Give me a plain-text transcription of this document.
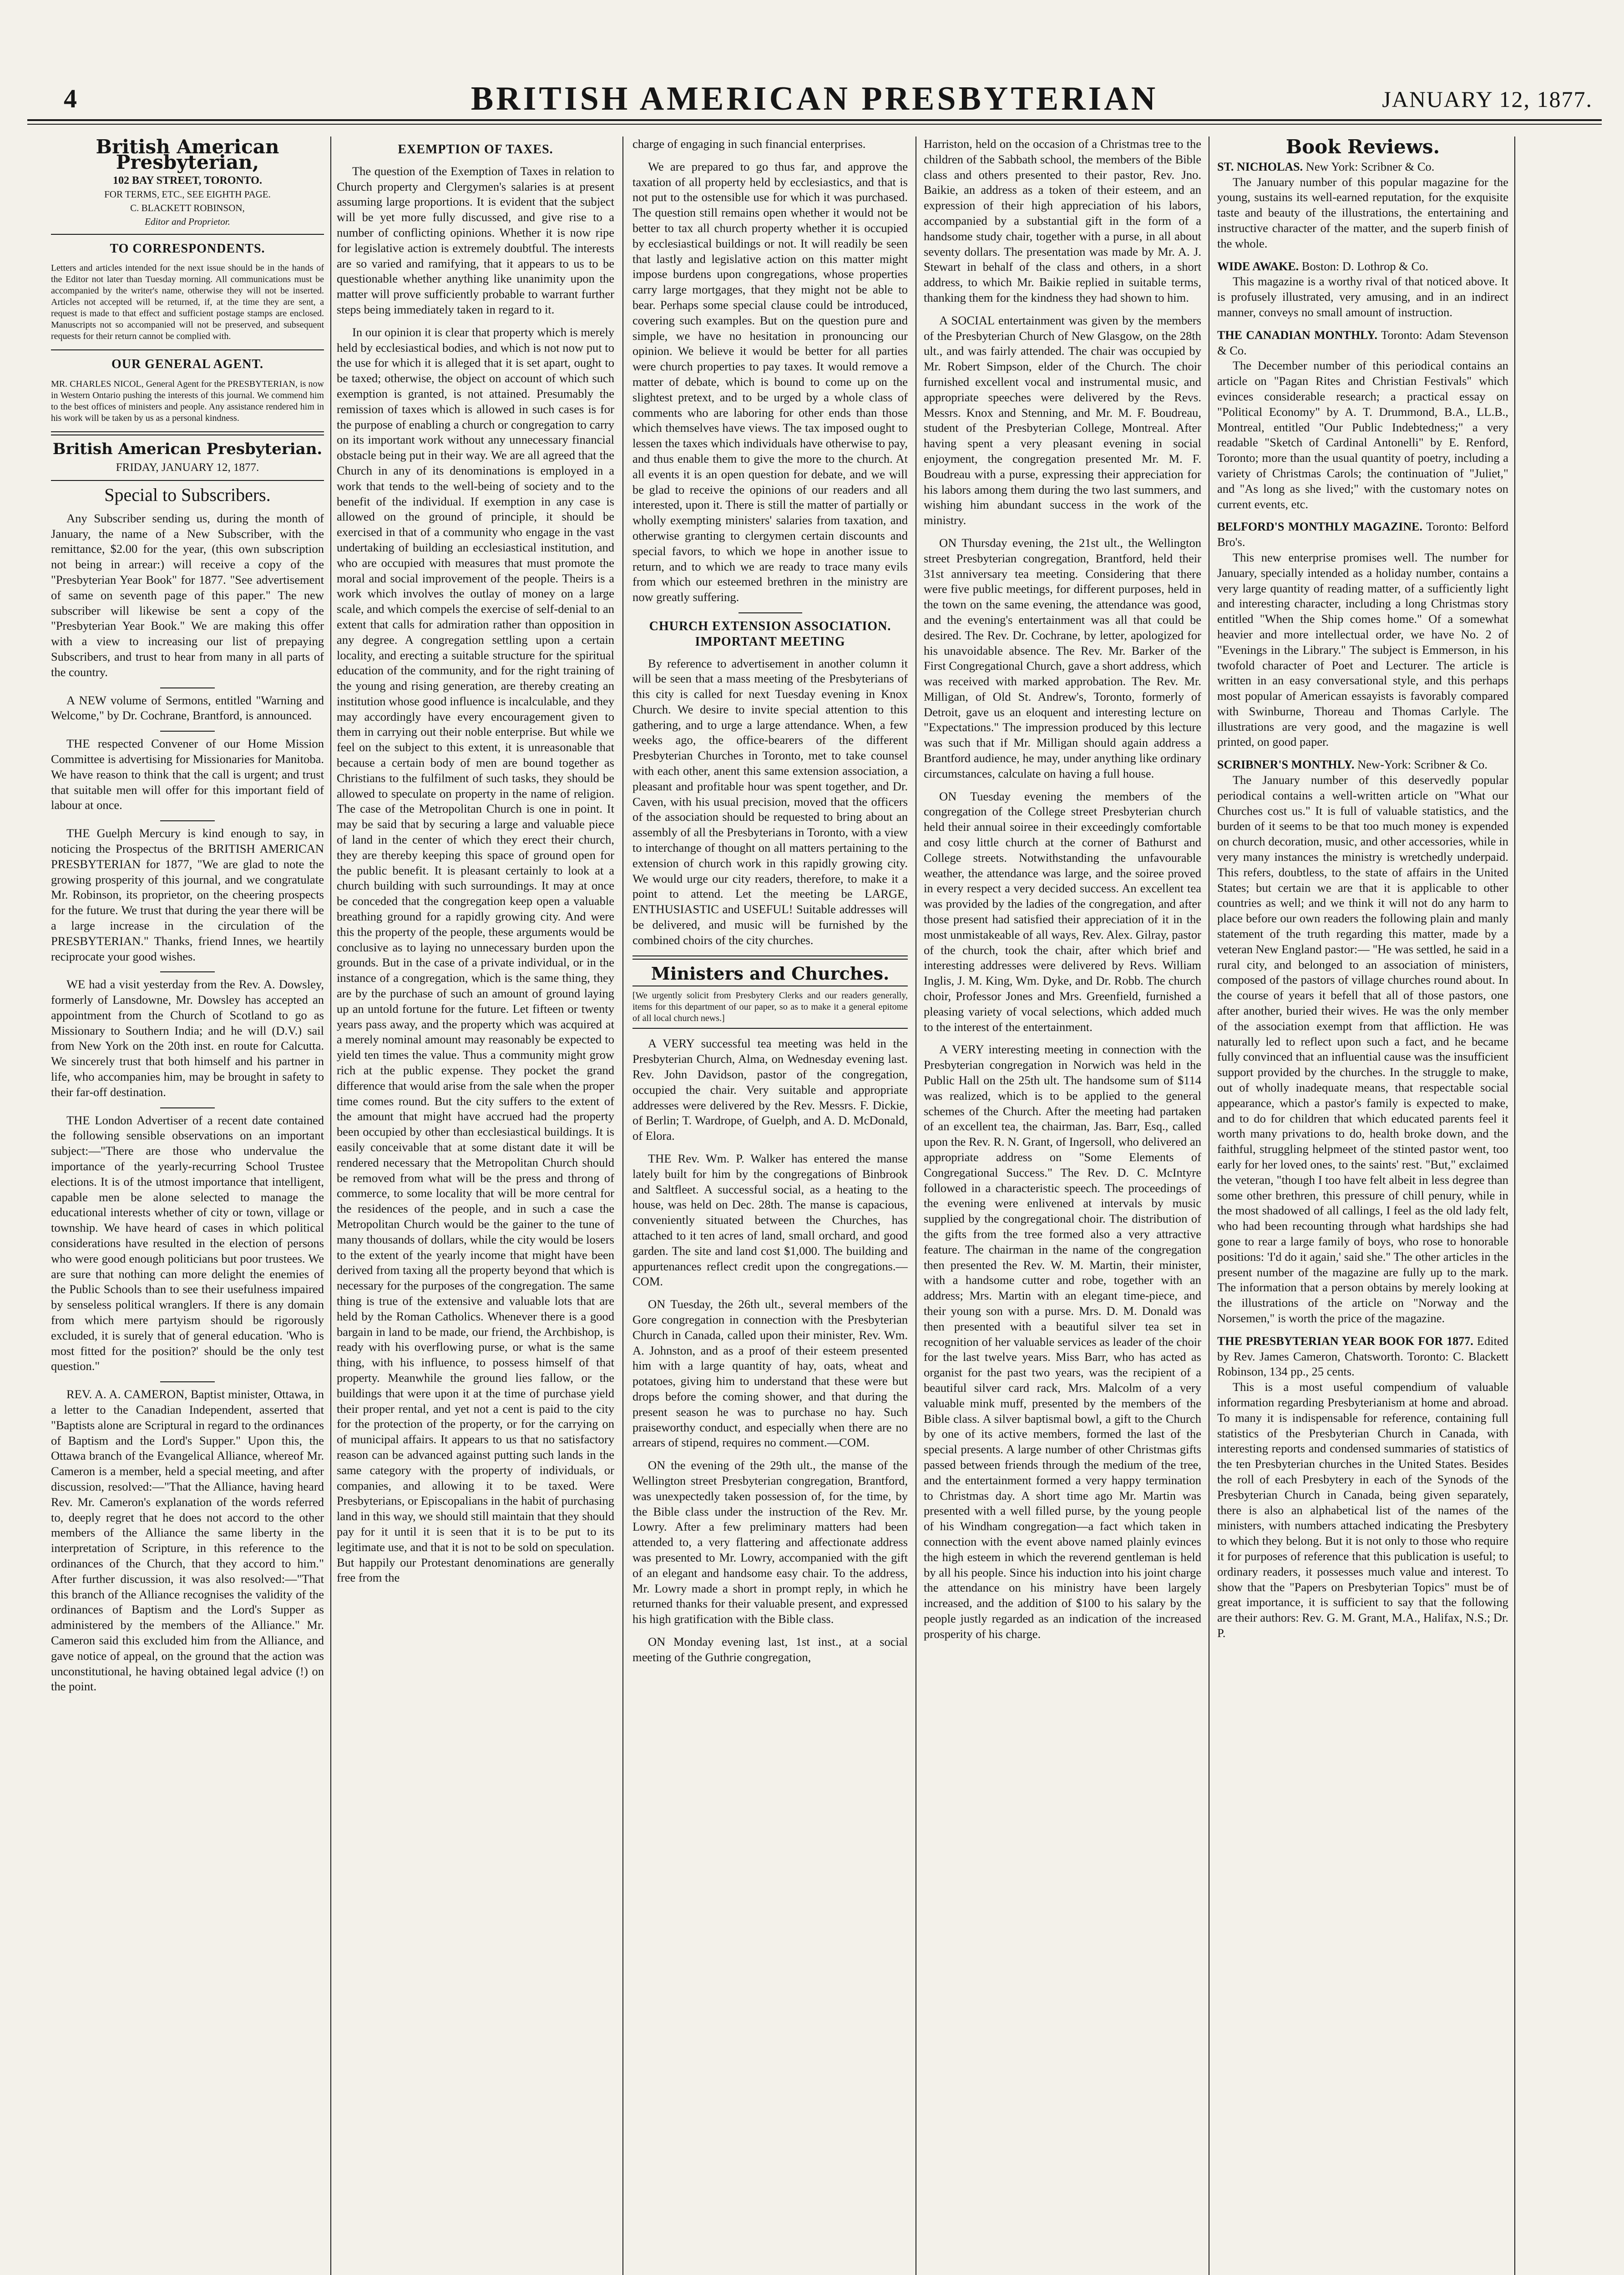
4	BRITISH AMERICAN PRESBYTERIAN	JANUARY 12, 1877.
British American Presbyterian,
102 BAY STREET, TORONTO.
FOR TERMS, ETC., SEE EIGHTH PAGE.
C. BLACKETT ROBINSON,
Editor and Proprietor.
TO CORRESPONDENTS.
Letters and articles intended for the next issue should be in the hands of the Editor not later than Tuesday morning. All communications must be accompanied by the writer's name, otherwise they will not be inserted. Articles not accepted will be returned, if, at the time they are sent, a request is made to that effect and sufficient postage stamps are enclosed. Manuscripts not so accompanied will not be preserved, and subsequent requests for their return cannot be complied with.
OUR GENERAL AGENT.
MR. CHARLES NICOL, General Agent for the PRESBYTERIAN, is now in Western Ontario pushing the interests of this journal. We commend him to the best offices of ministers and people. Any assistance rendered him in his work will be taken by us as a personal kindness.
British American Presbyterian.
FRIDAY, JANUARY 12, 1877.
Special to Subscribers.

Any Subscriber sending us, during the month of January, the name of a New Subscriber, with the remittance, $2.00 for the year, (this own subscription not being in arrear:) will receive a copy of the "Presbyterian Year Book" for 1877. "See advertisement of same on seventh page of this paper." The new subscriber will likewise be sent a copy of the "Presbyterian Year Book." We are making this offer with a view to increasing our list of prepaying Subscribers, and trust to hear from many in all parts of the country.

A NEW volume of Sermons, entitled "Warning and Welcome," by Dr. Cochrane, Brantford, is announced.

THE respected Convener of our Home Mission Committee is advertising for Missionaries for Manitoba. We have reason to think that the call is urgent; and trust that suitable men will offer for this important field of labour at once.

THE Guelph Mercury is kind enough to say, in noticing the Prospectus of the BRITISH AMERICAN PRESBYTERIAN for 1877, "We are glad to note the growing prosperity of this journal, and we congratulate Mr. Robinson, its proprietor, on the cheering prospects for the future. We trust that during the year there will be a large increase in the circulation of the PRESBYTERIAN." Thanks, friend Innes, we heartily reciprocate your good wishes.

WE had a visit yesterday from the Rev. A. Dowsley, formerly of Lansdowne, Mr. Dowsley has accepted an appointment from the Church of Scotland to go as Missionary to Southern India; and he will (D.V.) sail from New York on the 20th inst. en route for Calcutta. We sincerely trust that both himself and his partner in life, who accompanies him, may be brought in safety to their far-off destination.

THE London Advertiser of a recent date contained the following sensible observations on an important subject:—"There are those who undervalue the importance of the yearly-recurring School Trustee elections. It is of the utmost importance that intelligent, capable men be alone selected to manage the educational interests whether of city or town, village or township. We have heard of cases in which political considerations have resulted in the election of persons who were good enough politicians but poor trustees. We are sure that nothing can more delight the enemies of the Public Schools than to see their usefulness impaired by senseless political wranglers. If there is any domain from which mere partyism should be rigorously excluded, it is surely that of general education. 'Who is most fitted for the position?' should be the only test question."

REV. A. A. CAMERON, Baptist minister, Ottawa, in a letter to the Canadian Independent, asserted that "Baptists alone are Scriptural in regard to the ordinances of Baptism and the Lord's Supper." Upon this, the Ottawa branch of the Evangelical Alliance, whereof Mr. Cameron is a member, held a special meeting, and after discussion, resolved:—"That the Alliance, having heard Rev. Mr. Cameron's explanation of the words referred to, deeply regret that he does not accord to the other members of the Alliance the same liberty in the interpretation of Scripture, in this reference to the ordinances of the Church, that they accord to him." After further discussion, it was also resolved:—"That this branch of the Alliance recognises the validity of the ordinances of Baptism and the Lord's Supper as administered by the members of the Alliance." Mr. Cameron said this excluded him from the Alliance, and gave notice of appeal, on the ground that the action was unconstitutional, he having obtained legal advice (!) on the point.

EXEMPTION OF TAXES.

The question of the Exemption of Taxes in relation to Church property and Clergymen's salaries is at present assuming large proportions. It is evident that the subject will be yet more fully discussed, and give rise to a number of conflicting opinions. Whether it is now ripe for legislative action is extremely doubtful. The interests are so varied and ramifying, that it appears to us to be questionable whether anything like unanimity upon the matter will prove sufficiently probable to warrant further steps being immediately taken in regard to it.

In our opinion it is clear that property which is merely held by ecclesiastical bodies, and which is not now put to the use for which it is alleged that it is set apart, ought to be taxed; otherwise, the object on account of which such exemption is granted, is not attained. Presumably the remission of taxes which is allowed in such cases is for the purpose of enabling a church or congregation to carry on its important work without any unnecessary financial obstacle being put in their way. We are all agreed that the Church in any of its denominations is employed in a work that tends to the well-being of society and to the benefit of the individual. If exemption in any case is allowed on the ground of principle, it should be exercised in that of a community who engage in the vast undertaking of building an ecclesiastical institution, and who are occupied with measures that must promote the moral and social improvement of the people. Theirs is a work which involves the outlay of money on a large scale, and which compels the exercise of self-denial to an extent that calls for admiration rather than opposition in any degree. A congregation settling upon a certain locality, and erecting a suitable structure for the spiritual education of the community, and for the right training of the young and rising generation, are thereby creating an institution whose good influence is incalculable, and they may accordingly have every encouragement given to them in carrying out their noble enterprise. But while we feel on the subject to this extent, it is unreasonable that because a certain body of men are bound together as Christians to the fulfilment of such tasks, they should be allowed to speculate on property in the name of religion. The case of the Metropolitan Church is one in point. It may be said that by securing a large and valuable piece of land in the center of which they erect their church, they are thereby keeping this space of ground open for the public benefit. It is pleasant certainly to look at a church building with such surroundings. It may at once be conceded that the congregation keep open a valuable breathing ground for a rapidly growing city. And were this the property of the people, these arguments would be conclusive as to laying no unnecessary burden upon the grounds. But in the case of a private individual, or in the instance of a congregation, which is the same thing, they are by the purchase of such an amount of ground laying up an untold fortune for the future. Let fifteen or twenty years pass away, and the property which was acquired at a merely nominal amount may reasonably be expected to yield ten times the value. Thus a community might grow rich at the public expense. They pocket the grand difference that would arise from the sale when the proper time comes round. But the city suffers to the extent of the amount that might have accrued had the property been occupied by other than ecclesiastical buildings. It is easily conceivable that at some distant date it will be rendered necessary that the Metropolitan Church should be removed from what will be the press and throng of commerce, to some locality that will be more central for the residences of the people, and in such a case the Metropolitan Church would be the gainer to the tune of many thousands of dollars, while the city would be losers to the extent of the yearly income that might have been derived from taxing all the property beyond that which is necessary for the purposes of the congregation. The same thing is true of the extensive and valuable lots that are held by the Roman Catholics. Whenever there is a good bargain in land to be made, our friend, the Archbishop, is ready with his overflowing purse, or what is the same thing, with his influence, to possess himself of that property. Meanwhile the ground lies fallow, or the buildings that were upon it at the time of purchase yield their proper rental, and yet not a cent is paid to the city for the protection of the property, or for the carrying on of municipal affairs. It appears to us that no satisfactory reason can be advanced against putting such lands in the same category with the property of individuals, or companies, and allowing it to be taxed. Were Presbyterians, or Episcopalians in the habit of purchasing land in this way, we should still maintain that they should pay for it until it is seen that it is to be put to its legitimate use, and that it is not to be sold on speculation. But happily our Protestant denominations are generally free from the

charge of engaging in such financial enterprises.

We are prepared to go thus far, and approve the taxation of all property held by ecclesiastics, and that is not put to the ostensible use for which it was purchased. The question still remains open whether it would not be better to tax all church property whether it is occupied by ecclesiastical buildings or not. It will readily be seen that lastly and legislative action on this matter might impose burdens upon congregations, whose properties carry large mortgages, that they might not be able to bear. Perhaps some special clause could be introduced, covering such examples. But on the question pure and simple, we have no hesitation in pronouncing our opinion. We believe it would be better for all parties were church properties to pay taxes. It would remove a matter of debate, which is bound to come up on the slightest pretext, and to be urged by a whole class of comments who are laboring for other ends than those which themselves have views. The tax imposed ought to lessen the taxes which individuals have otherwise to pay, and thus enable them to give the more to the church. At all events it is an open question for debate, and we will be glad to receive the opinions of our readers and all interested, upon it. There is still the matter of partially or wholly exempting ministers' salaries from taxation, and otherwise granting to clergymen certain discounts and special favors, to which we hope in another issue to return, and to which we are ready to trace many evils from which our esteemed brethren in the ministry are now greatly suffering.

CHURCH EXTENSION ASSOCIATION. IMPORTANT MEETING

By reference to advertisement in another column it will be seen that a mass meeting of the Presbyterians of this city is called for next Tuesday evening in Knox Church. We desire to invite special attention to this gathering, and to urge a large attendance. When, a few weeks ago, the office-bearers of the different Presbyterian Churches in Toronto, met to take counsel with each other, anent this same extension association, a pleasant and profitable hour was spent together, and Dr. Caven, with his usual precision, moved that the officers of the association should be requested to bring about an assembly of all the Presbyterians in Toronto, with a view to interchange of thought on all matters pertaining to the extension of church work in this rapidly growing city. We would urge our city readers, therefore, to make it a point to attend. Let the meeting be LARGE, ENTHUSIASTIC and USEFUL! Suitable addresses will be delivered, and music will be furnished by the combined choirs of the city churches.

Ministers and Churches.
[We urgently solicit from Presbytery Clerks and our readers generally, items for this department of our paper, so as to make it a general epitome of all local church news.]

A VERY successful tea meeting was held in the Presbyterian Church, Alma, on Wednesday evening last. Rev. John Davidson, pastor of the congregation, occupied the chair. Very suitable and appropriate addresses were delivered by the Rev. Messrs. F. Dickie, of Berlin; T. Wardrope, of Guelph, and A. D. McDonald, of Elora.

THE Rev. Wm. P. Walker has entered the manse lately built for him by the congregations of Binbrook and Saltfleet. A successful social, as a heating to the house, was held on Dec. 28th. The manse is capacious, conveniently situated between the Churches, has attached to it ten acres of land, small orchard, and good garden. The site and land cost $1,000. The building and appurtenances reflect credit upon the congregations.—COM.

ON Tuesday, the 26th ult., several members of the Gore congregation in connection with the Presbyterian Church in Canada, called upon their minister, Rev. Wm. A. Johnston, and as a proof of their esteem presented him with a large quantity of hay, oats, wheat and potatoes, giving him to understand that these were but drops before the coming shower, and that during the present season he was to purchase no hay. Such praiseworthy conduct, and especially when there are no arrears of stipend, requires no comment.—COM.

ON the evening of the 29th ult., the manse of the Wellington street Presbyterian congregation, Brantford, was unexpectedly taken possession of, for the time, by the Bible class under the instruction of the Rev. Mr. Lowry. After a few preliminary matters had been attended to, a very flattering and affectionate address was presented to Mr. Lowry, accompanied with the gift of an elegant and handsome easy chair. To the address, Mr. Lowry made a short in prompt reply, in which he returned thanks for their valuable present, and expressed his high gratification with the Bible class.

ON Monday evening last, 1st inst., at a social meeting of the Guthrie congregation,

Harriston, held on the occasion of a Christmas tree to the children of the Sabbath school, the members of the Bible class and others presented to their pastor, Rev. Jno. Baikie, an address as a token of their esteem, and an expression of their high appreciation of his labors, accompanied by a substantial gift in the form of a handsome study chair, together with a purse, in all about seventy dollars. The presentation was made by Mr. A. J. Stewart in behalf of the class and others, in a short address, to which Mr. Baikie replied in suitable terms, thanking them for the kindness they had shown to him.

A SOCIAL entertainment was given by the members of the Presbyterian Church of New Glasgow, on the 28th ult., and was fairly attended. The chair was occupied by Mr. Robert Simpson, elder of the Church. The choir furnished excellent vocal and instrumental music, and appropriate speeches were delivered by the Revs. Messrs. Knox and Stenning, and Mr. M. F. Boudreau, student of the Presbyterian College, Montreal. After having spent a very pleasant evening in social enjoyment, the congregation presented Mr. M. F. Boudreau with a purse, expressing their appreciation for his labors among them during the two last summers, and wishing him abundant success in the work of the ministry.

ON Thursday evening, the 21st ult., the Wellington street Presbyterian congregation, Brantford, held their 31st anniversary tea meeting. Considering that there were five public meetings, for different purposes, held in the town on the same evening, the attendance was good, and the evening's entertainment was all that could be desired. The Rev. Dr. Cochrane, by letter, apologized for his unavoidable absence. The Rev. Mr. Barker of the First Congregational Church, gave a short address, which was received with marked approbation. The Rev. Mr. Milligan, of Old St. Andrew's, Toronto, formerly of Detroit, gave us an eloquent and interesting lecture on "Expectations." The impression produced by this lecture was such that if Mr. Milligan should again address a Brantford audience, he may, under anything like ordinary circumstances, calculate on having a full house.

ON Tuesday evening the members of the congregation of the College street Presbyterian church held their annual soiree in their exceedingly comfortable and cosy little church at the corner of Bathurst and College streets. Notwithstanding the unfavourable weather, the attendance was large, and the soiree proved in every respect a very decided success. An excellent tea was provided by the ladies of the congregation, and after those present had satisfied their appreciation of it in the most unmistakeable of all ways, Rev. Alex. Gilray, pastor of the church, took the chair, after which brief and interesting addresses were delivered by Revs. William Inglis, J. M. King, Wm. Dyke, and Dr. Robb. The church choir, Professor Jones and Mrs. Greenfield, furnished a pleasing variety of vocal selections, which added much to the interest of the entertainment.

A VERY interesting meeting in connection with the Presbyterian congregation in Norwich was held in the Public Hall on the 25th ult. The handsome sum of $114 was realized, which is to be applied to the general schemes of the Church. After the meeting had partaken of an excellent tea, the chairman, Jas. Barr, Esq., called upon the Rev. R. N. Grant, of Ingersoll, who delivered an appropriate address on "Some Elements of Congregational Success." The Rev. D. C. McIntyre followed in a characteristic speech. The proceedings of the evening were enlivened at intervals by music supplied by the congregational choir. The distribution of the gifts from the tree formed also a very attractive feature. The chairman in the name of the congregation then presented the Rev. W. M. Martin, their minister, with a handsome cutter and robe, together with an address; Mrs. Martin with an elegant time-piece, and their young son with a purse. Mrs. D. M. Donald was then presented with a beautiful silver tea set in recognition of her valuable services as leader of the choir for the last twelve years. Miss Barr, who has acted as organist for the past two years, was the recipient of a beautiful silver card rack, Mrs. Malcolm of a very valuable mink muff, presented by the members of the Bible class. A silver baptismal bowl, a gift to the Church by one of its active members, formed the last of the special presents. A large number of other Christmas gifts passed between friends through the medium of the tree, and the entertainment formed a very happy termination to Christmas day. A short time ago Mr. Martin was presented with a well filled purse, by the young people of his Windham congregation—a fact which taken in connection with the event above named plainly evinces the high esteem in which the reverend gentleman is held by all his people. Since his induction into his joint charge the attendance on his ministry have been largely increased, and the addition of $100 to his salary by the people justly regarded as an indication of the increased prosperity of his charge.

Book Reviews.
ST. NICHOLAS. New York: Scribner & Co.

The January number of this popular magazine for the young, sustains its well-earned reputation, for the exquisite taste and beauty of the illustrations, the entertaining and instructive character of the matter, and the superb finish of the whole.

WIDE AWAKE. Boston: D. Lothrop & Co.

This magazine is a worthy rival of that noticed above. It is profusely illustrated, very amusing, and in an indirect manner, conveys no small amount of instruction.

THE CANADIAN MONTHLY. Toronto: Adam Stevenson & Co.

The December number of this periodical contains an article on "Pagan Rites and Christian Festivals" which evinces considerable research; a practical essay on "Political Economy" by A. T. Drummond, B.A., LL.B., Montreal, entitled "Our Public Indebtedness;" a very readable "Sketch of Cardinal Antonelli" by E. Renford, Toronto; more than the usual quantity of poetry, including a variety of Christmas Carols; the continuation of "Juliet," and "As long as she lived;" with the customary notes on current events, etc.

BELFORD'S MONTHLY MAGAZINE. Toronto: Belford Bro's.

This new enterprise promises well. The number for January, specially intended as a holiday number, contains a very large quantity of reading matter, of a sufficiently light and interesting character, including a long Christmas story entitled "When the Ship comes home." Of a somewhat heavier and more intellectual order, we have No. 2 of "Evenings in the Library." The subject is Emmerson, in his twofold character of Poet and Lecturer. The article is written in an easy conversational style, and this perhaps most popular of American essayists is favorably compared with Swinburne, Thoreau and Thomas Carlyle. The illustrations are very good, and the magazine is well printed, on good paper.

SCRIBNER'S MONTHLY. New-York: Scribner & Co.

The January number of this deservedly popular periodical contains a well-written article on "What our Churches cost us." It is full of valuable statistics, and the burden of it seems to be that too much money is expended on church decoration, music, and other accessories, while in very many instances the ministry is wretchedly underpaid. This refers, doubtless, to the state of affairs in the United States; but certain we are that it is applicable to other countries as well; and we think it will not do any harm to place before our own readers the following plain and manly statement of the truth regarding this matter, made by a veteran New England pastor:— "He was settled, he said in a rural city, and belonged to an association of ministers, composed of the pastors of village churches round about. In the course of years it befell that all of those pastors, one after another, buried their wives. He was the only member of the association exempt from that affliction. He was naturally led to reflect upon such a fact, and he became fully convinced that an influential cause was the insufficient support provided by the churches. In the struggle to make, out of wholly inadequate means, that respectable social appearance, which a pastor's family is expected to make, and to do for children that which educated parents feel it worth many privations to do, health broke down, and the faithful, struggling helpmeet of the stinted pastor went, too early for her loved ones, to the saints' rest. "But," exclaimed the veteran, "though I too have felt albeit in less degree than some other brethren, this pressure of chill penury, while in the most shadowed of all callings, I feel as the old lady felt, who had been recounting through what hardships she had gone to rear a large family of boys, who rose to honorable positions: 'I'd do it again,' said she." The other articles in the present number of the magazine are fully up to the mark. The information that a person obtains by merely looking at the illustrations of the article on "Norway and the Norsemen," is worth the price of the magazine.

THE PRESBYTERIAN YEAR BOOK FOR 1877. Edited by Rev. James Cameron, Chatsworth. Toronto: C. Blackett Robinson, 134 pp., 25 cents.

This is a most useful compendium of valuable information regarding Presbyterianism at home and abroad. To many it is indispensable for reference, containing full statistics of the Presbyterian Church in Canada, with interesting reports and condensed summaries of statistics of the ten Presbyterian churches in the United States. Besides the roll of each Presbytery in each of the Synods of the Presbyterian Church in Canada, being given separately, there is also an alphabetical list of the names of the ministers, with numbers attached indicating the Presbytery to which they belong. But it is not only to those who require it for purposes of reference that this publication is useful; to ordinary readers, it possesses much value and interest. To show that the "Papers on Presbyterian Topics" must be of great importance, it is sufficient to say that the following are their authors: Rev. G. M. Grant, M.A., Halifax, N.S.; Dr. P.
